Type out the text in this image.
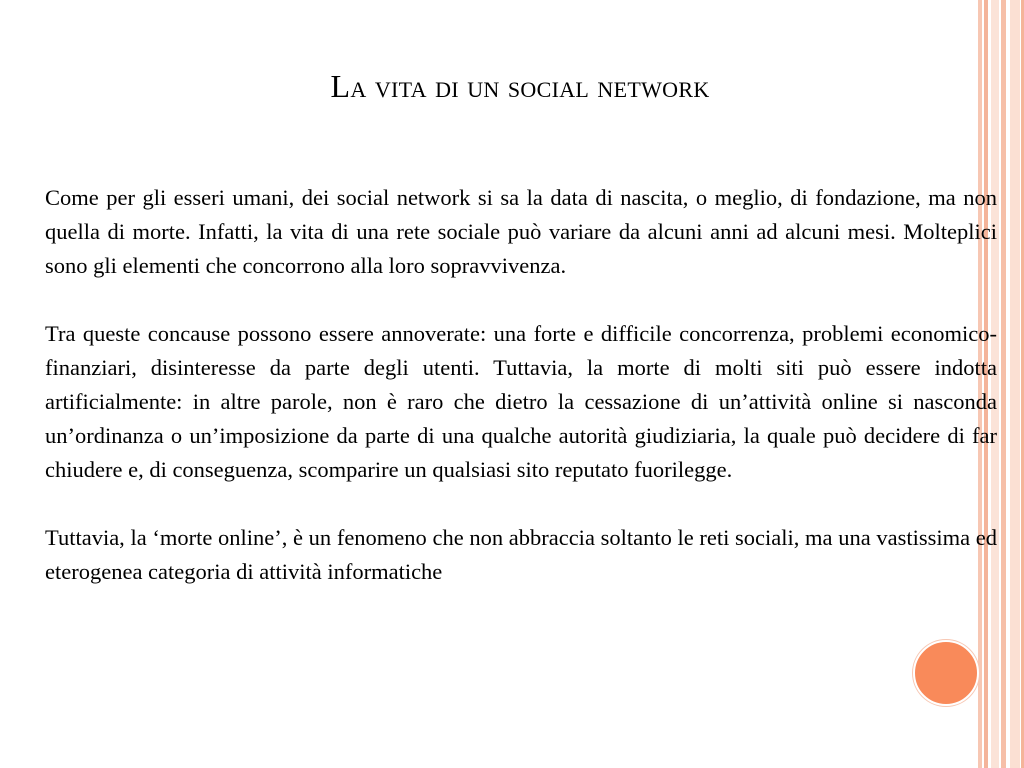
La vita di un social network

Come per gli esseri umani, dei social network si sa la data di nascita, o meglio, di fondazione, ma non quella di morte. Infatti, la vita di una rete sociale può variare da alcuni anni ad alcuni mesi. Molteplici sono gli elementi che concorrono alla loro sopravvivenza.

Tra queste concause possono essere annoverate: una forte e difficile concorrenza, problemi economico-finanziari, disinteresse da parte degli utenti. Tuttavia, la morte di molti siti può essere indotta artificialmente: in altre parole, non è raro che dietro la cessazione di un’attività online si nasconda un’ordinanza o un’imposizione da parte di una qualche autorità giudiziaria, la quale può decidere di far chiudere e, di conseguenza, scomparire un qualsiasi sito reputato fuorilegge.

Tuttavia, la ‘morte online’, è un fenomeno che non abbraccia soltanto le reti sociali, ma una vastissima ed eterogenea categoria di attività informatiche
